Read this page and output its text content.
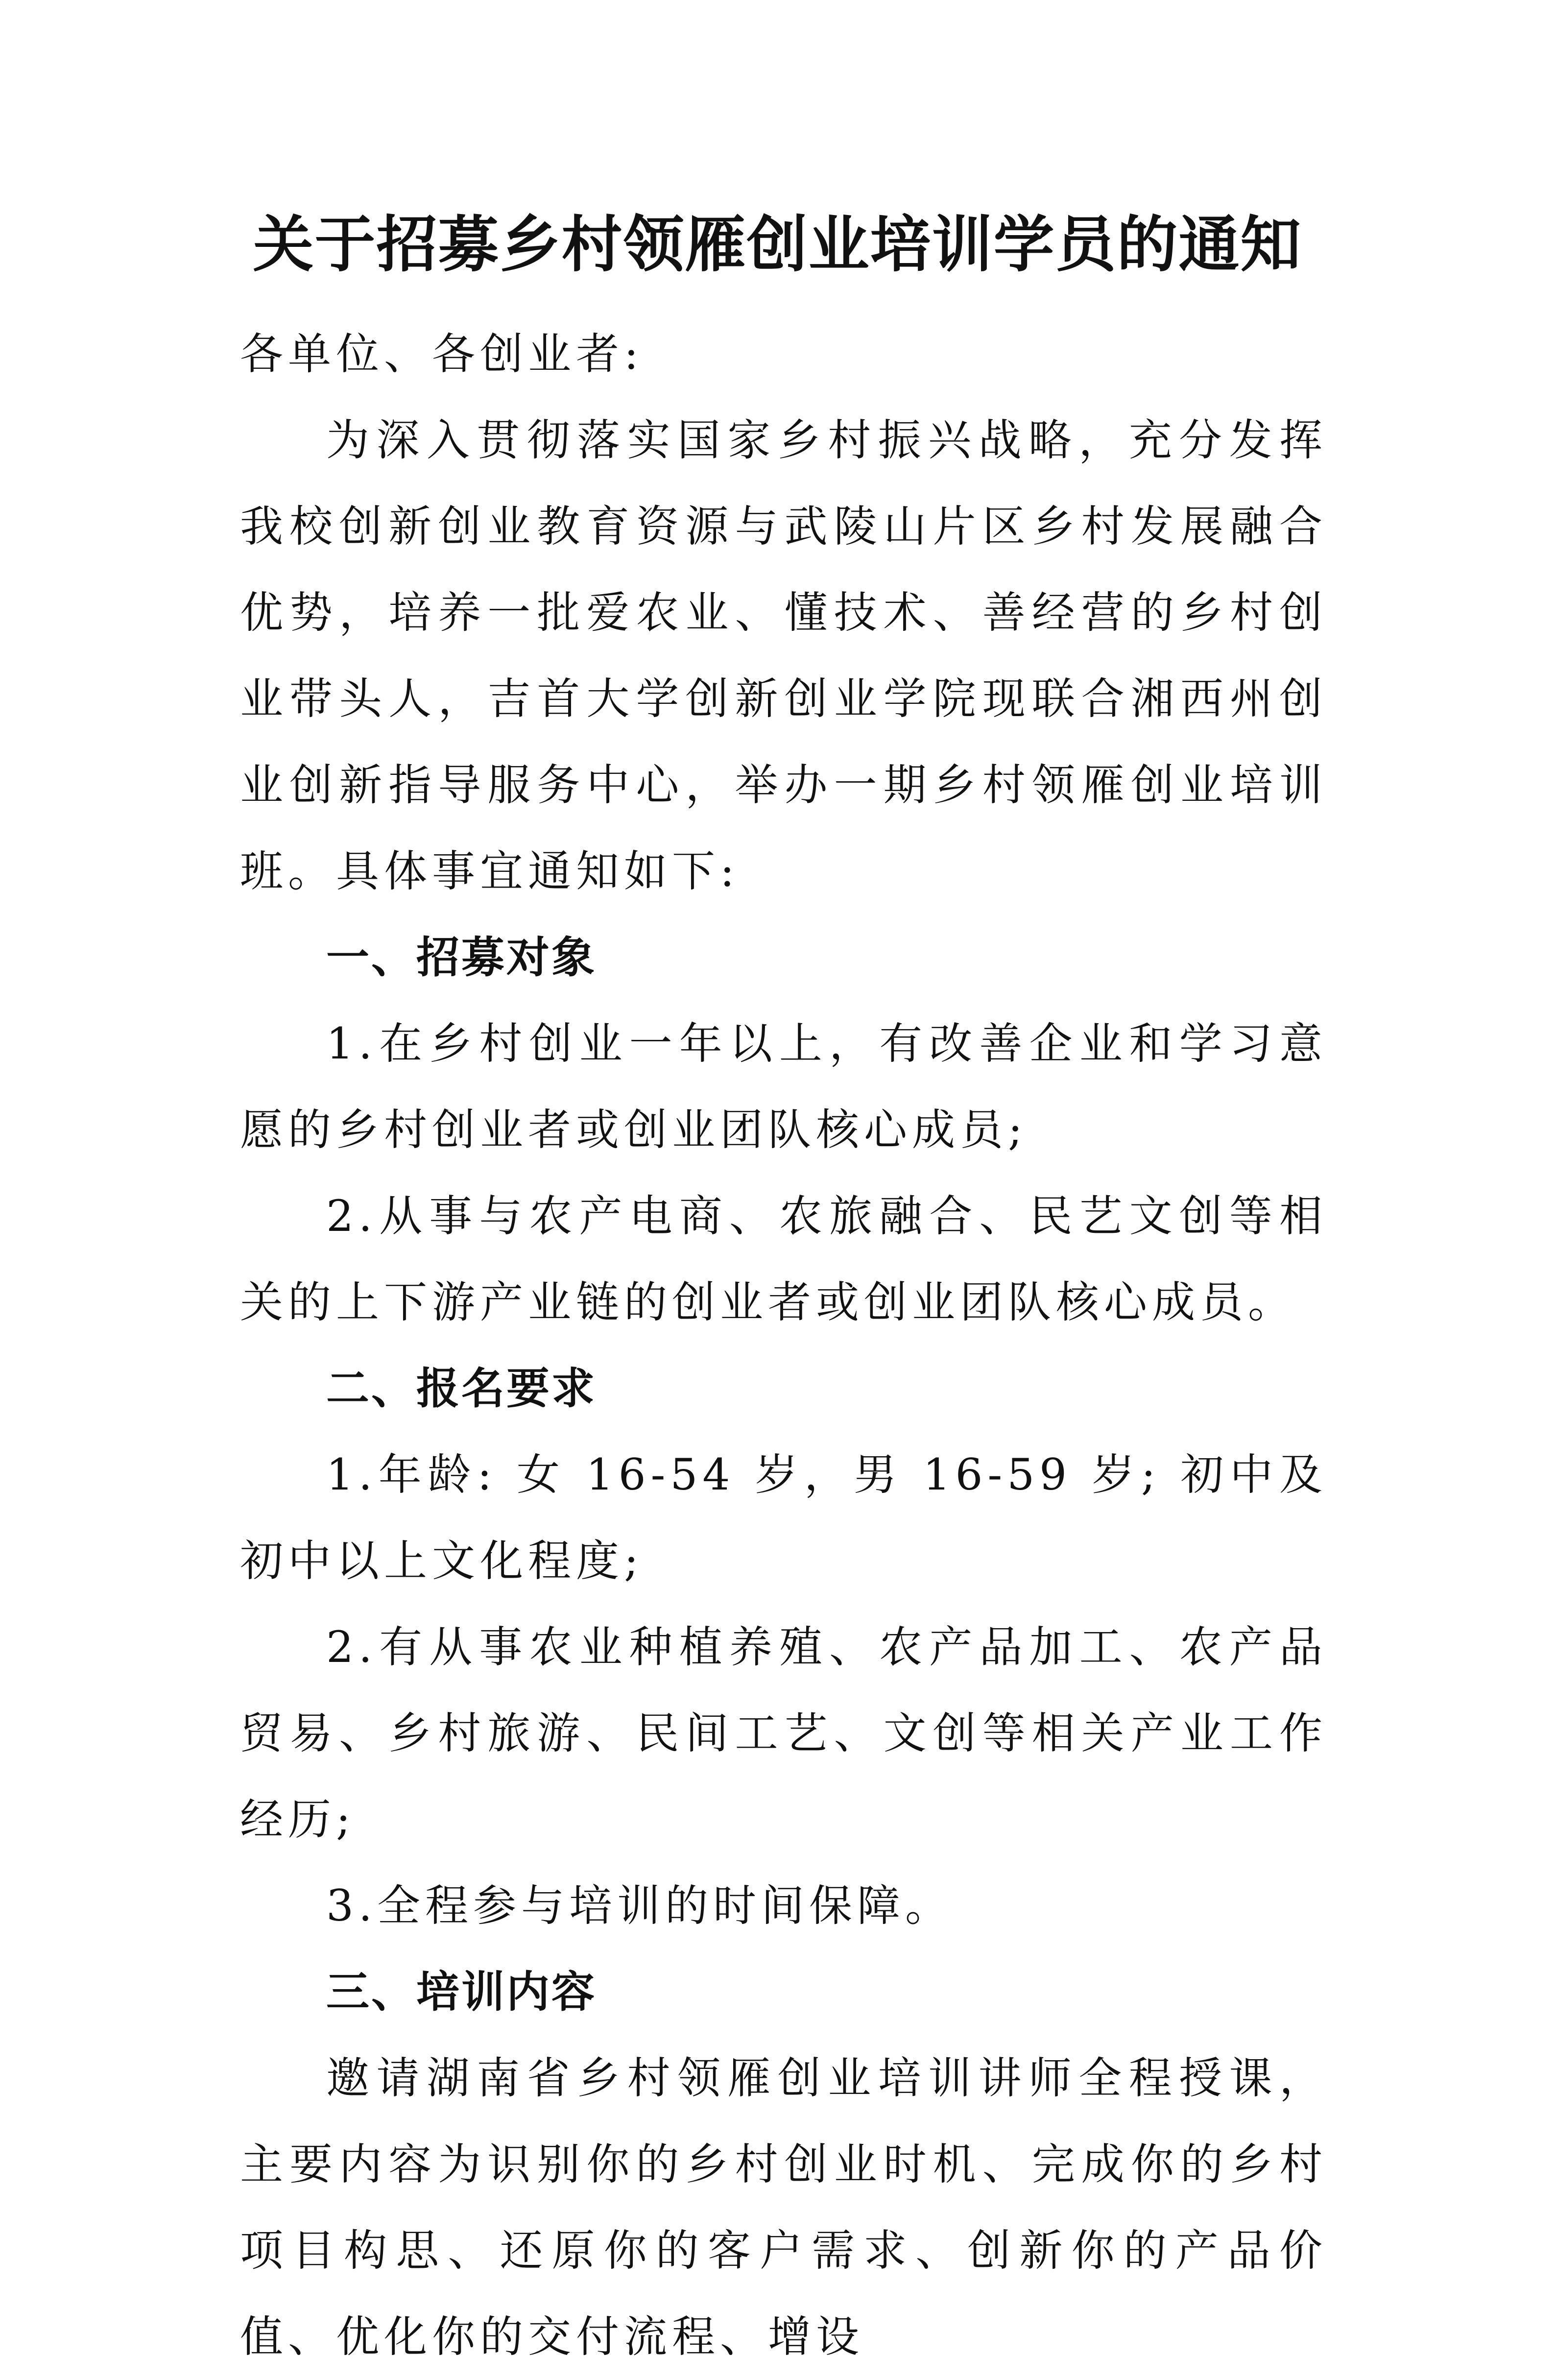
关于招募乡村领雁创业培训学员的通知

各单位、各创业者:

为深入贯彻落实国家乡村振兴战略，充分发挥我校创新创业教育资源与武陵山片区乡村发展融合优势，培养一批爱农业、懂技术、善经营的乡村创业带头人，吉首大学创新创业学院现联合湘西州创业创新指导服务中心，举办一期乡村领雁创业培训班。具体事宜通知如下:

一、招募对象

1.在乡村创业一年以上，有改善企业和学习意愿的乡村创业者或创业团队核心成员;

2.从事与农产电商、农旅融合、民艺文创等相关的上下游产业链的创业者或创业团队核心成员。

二、报名要求

1.年龄: 女 16-54 岁，男 16-59 岁; 初中及初中以上文化程度;

2.有从事农业种植养殖、农产品加工、农产品贸易、乡村旅游、民间工艺、文创等相关产业工作经历;

3.全程参与培训的时间保障。

三、培训内容

邀请湖南省乡村领雁创业培训讲师全程授课，主要内容为识别你的乡村创业时机、完成你的乡村项目构思、还原你的客户需求、创新你的产品价值、优化你的交付流程、增设
